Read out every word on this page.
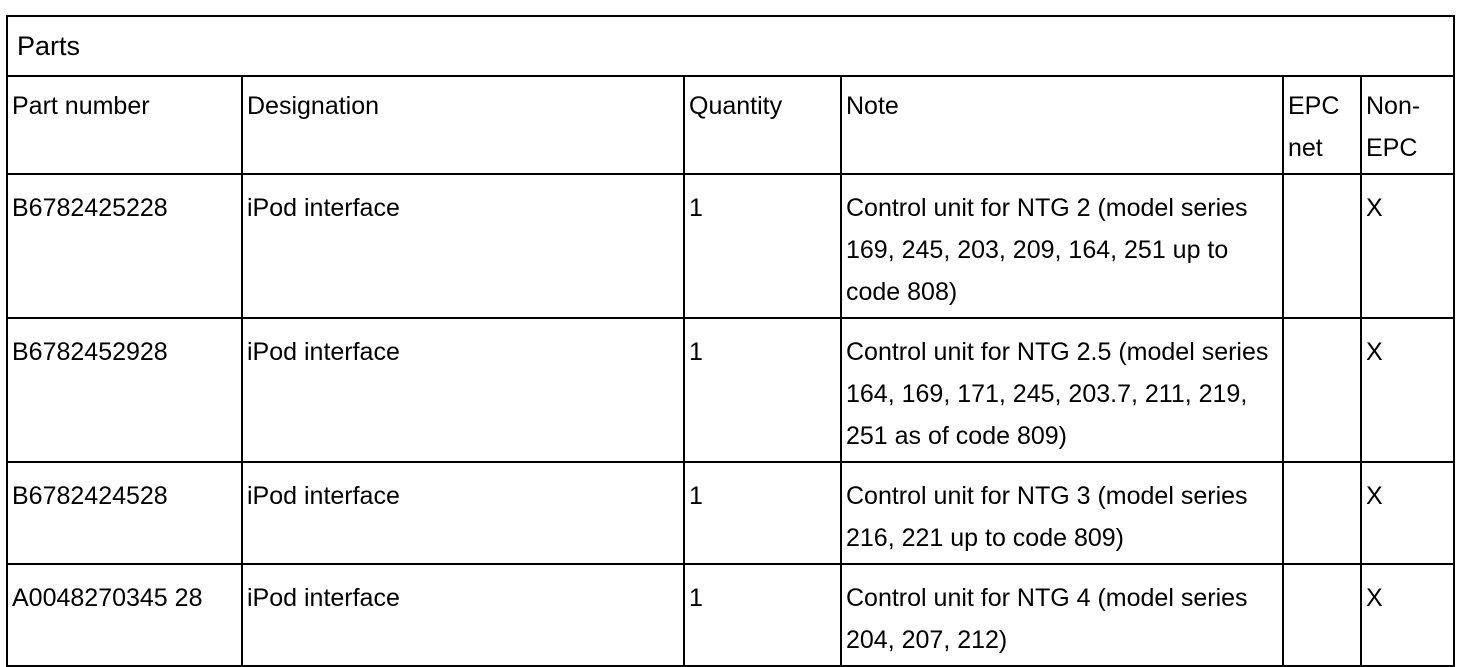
Parts
Part number	Designation	Quantity	Note	EPC net	Non-EPC
B6782425228	iPod interface	1	Control unit for NTG 2 (model series 169, 245, 203, 209, 164, 251 up to code 808)		X
B6782452928	iPod interface	1	Control unit for NTG 2.5 (model series 164, 169, 171, 245, 203.7, 211, 219, 251 as of code 809)		X
B6782424528	iPod interface	1	Control unit for NTG 3 (model series 216, 221 up to code 809)		X
A0048270345 28	iPod interface	1	Control unit for NTG 4 (model series 204, 207, 212)		X
